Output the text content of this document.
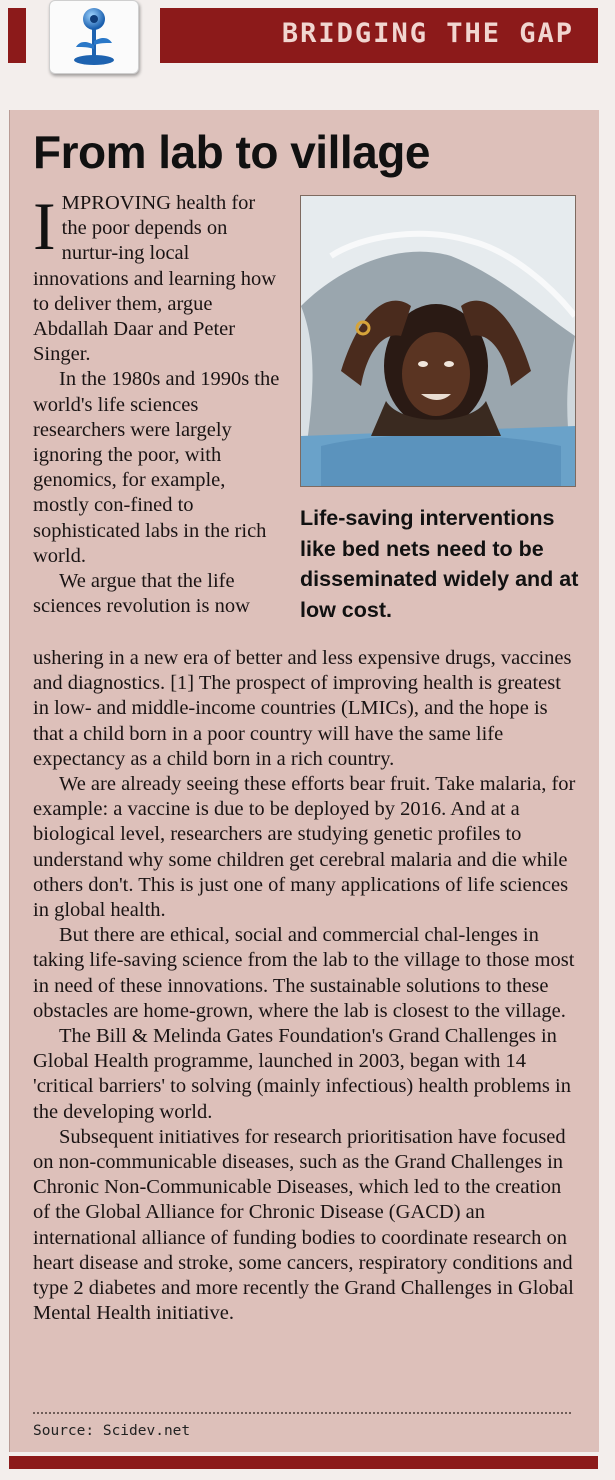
BRIDGING THE GAP
From lab to village
I MPROVING health for the poor depends on nurtur-ing local innovations and learning how to deliver them, argue Abdallah Daar and Peter Singer.

In the 1980s and 1990s the world's life sciences researchers were largely ignoring the poor, with genomics, for example, mostly con-fined to sophisticated labs in the rich world.

We argue that the life sciences revolution is now

Life-saving interventions like bed nets need to be disseminated widely and at low cost.

ushering in a new era of better and less expensive drugs, vaccines and diagnostics. [1] The prospect of improving health is greatest in low- and middle-income countries (LMICs), and the hope is that a child born in a poor country will have the same life expectancy as a child born in a rich country.

We are already seeing these efforts bear fruit. Take malaria, for example: a vaccine is due to be deployed by 2016. And at a biological level, researchers are studying genetic profiles to understand why some children get cerebral malaria and die while others don't. This is just one of many applications of life sciences in global health.

But there are ethical, social and commercial chal-lenges in taking life-saving science from the lab to the village to those most in need of these innovations. The sustainable solutions to these obstacles are home-grown, where the lab is closest to the village.

The Bill & Melinda Gates Foundation's Grand Challenges in Global Health programme, launched in 2003, began with 14 'critical barriers' to solving (mainly infectious) health problems in the developing world.

Subsequent initiatives for research prioritisation have focused on non-communicable diseases, such as the Grand Challenges in Chronic Non-Communicable Diseases, which led to the creation of the Global Alliance for Chronic Disease (GACD) an international alliance of funding bodies to coordinate research on heart disease and stroke, some cancers, respiratory conditions and type 2 diabetes and more recently the Grand Challenges in Global Mental Health initiative.

Source: Scidev.net
